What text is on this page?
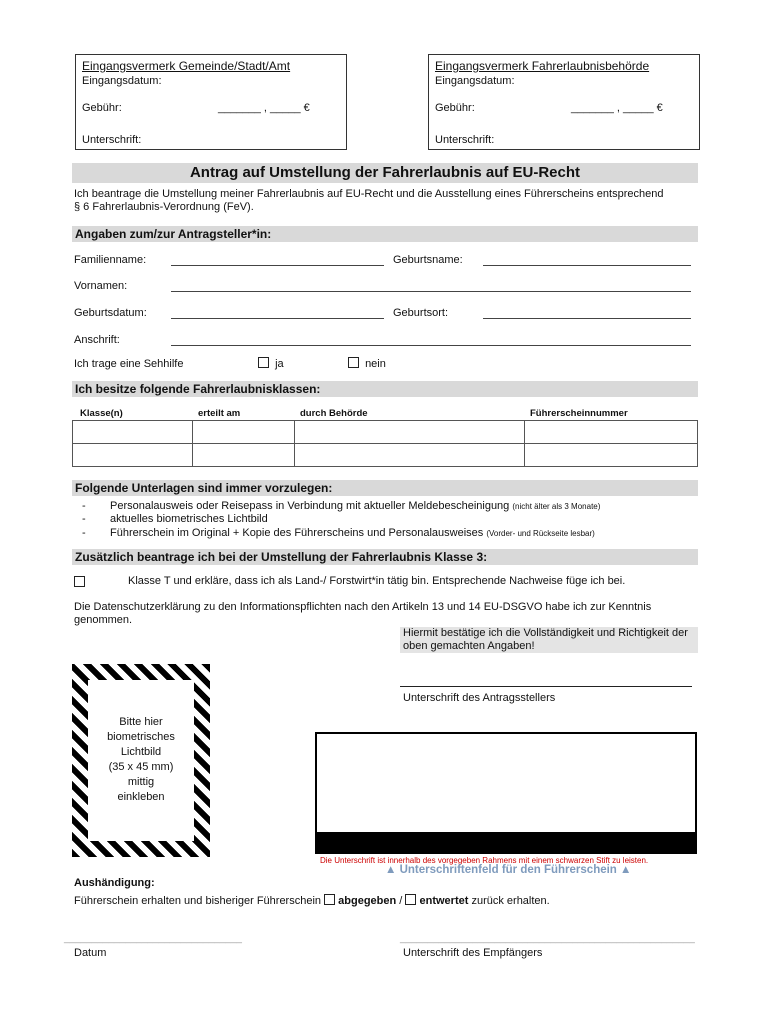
Eingangsvermerk Gemeinde/Stadt/Amt
Eingangsdatum:
Gebühr:	_______ , _____ €
Unterschrift:
Eingangsvermerk Fahrerlaubnisbehörde
Eingangsdatum:
Gebühr:	_______ , _____ €
Unterschrift:
Antrag auf Umstellung der Fahrerlaubnis auf EU-Recht
Ich beantrage die Umstellung meiner Fahrerlaubnis auf EU-Recht und die Ausstellung eines Führerscheins entsprechend
§ 6 Fahrerlaubnis-Verordnung (FeV).
Angaben zum/zur Antragsteller*in:
Familienname:	Geburtsname:
Vornamen:
Geburtsdatum:	Geburtsort:
Anschrift:
Ich trage eine Sehhilfe	ja	nein
Ich besitze folgende Fahrerlaubnisklassen:
Klasse(n)	erteilt am	durch Behörde	Führerscheinnummer

Folgende Unterlagen sind immer vorzulegen:
- Personalausweis oder Reisepass in Verbindung mit aktueller Meldebescheinigung (nicht älter als 3 Monate)
- aktuelles biometrisches Lichtbild
- Führerschein im Original + Kopie des Führerscheins und Personalausweises (Vorder- und Rückseite lesbar)
Zusätzlich beantrage ich bei der Umstellung der Fahrerlaubnis Klasse 3:
Klasse T und erkläre, dass ich als Land-/ Forstwirt*in tätig bin. Entsprechende Nachweise füge ich bei.
Die Datenschutzerklärung zu den Informationspflichten nach den Artikeln 13 und 14 EU-DSGVO habe ich zur Kenntnis
genommen.
Hiermit bestätige ich die Vollständigkeit und Richtigkeit der oben gemachten Angaben!
Bitte hier
biometrisches
Lichtbild
(35 x 45 mm)
mittig
einkleben
Unterschrift des Antragsstellers
Die Unterschrift ist innerhalb des vorgegeben Rahmens mit einem schwarzen Stift zu leisten.
▲ Unterschriftenfeld für den Führerschein ▲
Aushändigung:
Führerschein erhalten und bisheriger Führerschein abgegeben / entwertet zurück erhalten.
________________________________	_____________________________________________________
Datum	Unterschrift des Empfängers
